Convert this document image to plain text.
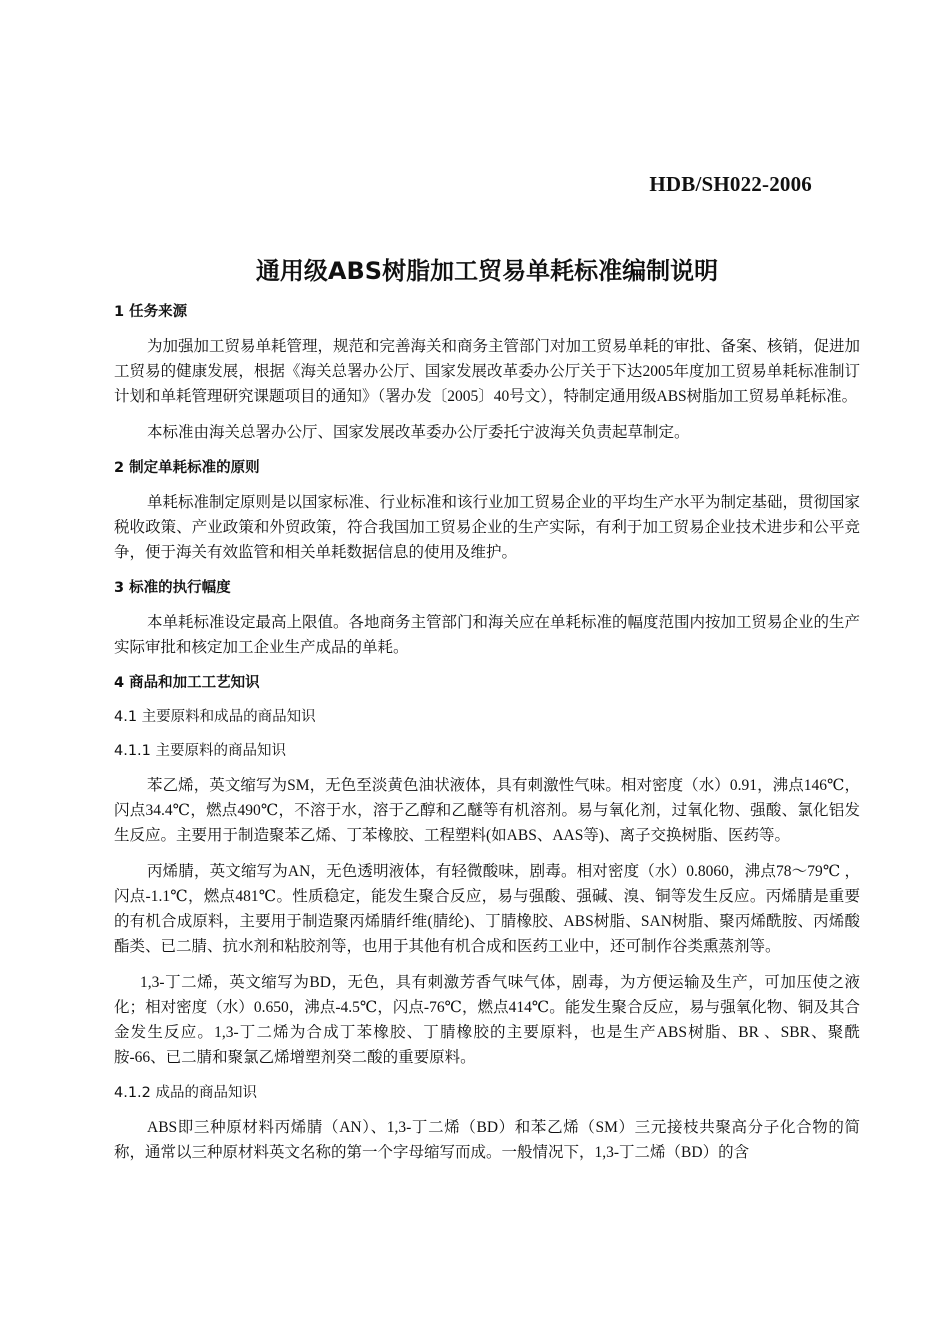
HDB/SH022-2006
通用级ABS树脂加工贸易单耗标准编制说明
1 任务来源

为加强加工贸易单耗管理，规范和完善海关和商务主管部门对加工贸易单耗的审批、备案、核销，促进加工贸易的健康发展，根据《海关总署办公厅、国家发展改革委办公厅关于下达2005年度加工贸易单耗标准制订计划和单耗管理研究课题项目的通知》（署办发〔2005〕40号文），特制定通用级ABS树脂加工贸易单耗标准。

本标准由海关总署办公厅、国家发展改革委办公厅委托宁波海关负责起草制定。

2 制定单耗标准的原则

单耗标准制定原则是以国家标准、行业标准和该行业加工贸易企业的平均生产水平为制定基础，贯彻国家税收政策、产业政策和外贸政策，符合我国加工贸易企业的生产实际，有利于加工贸易企业技术进步和公平竞争，便于海关有效监管和相关单耗数据信息的使用及维护。

3 标准的执行幅度

本单耗标准设定最高上限值。各地商务主管部门和海关应在单耗标准的幅度范围内按加工贸易企业的生产实际审批和核定加工企业生产成品的单耗。

4 商品和加工工艺知识
4.1 主要原料和成品的商品知识
4.1.1 主要原料的商品知识

苯乙烯，英文缩写为SM，无色至淡黄色油状液体，具有刺激性气味。相对密度（水）0.91，沸点146℃，闪点34.4℃，燃点490℃，不溶于水，溶于乙醇和乙醚等有机溶剂。易与氧化剂，过氧化物、强酸、氯化铝发生反应。主要用于制造聚苯乙烯、丁苯橡胶、工程塑料(如ABS、AAS等)、离子交换树脂、医药等。

丙烯腈，英文缩写为AN，无色透明液体，有轻微酸味，剧毒。相对密度（水）0.8060，沸点78～79℃ ，闪点-1.1℃，燃点481℃。性质稳定，能发生聚合反应，易与强酸、强碱、溴、铜等发生反应。丙烯腈是重要的有机合成原料，主要用于制造聚丙烯腈纤维(腈纶)、丁腈橡胶、ABS树脂、SAN树脂、聚丙烯酰胺、丙烯酸酯类、已二腈、抗水剂和粘胶剂等，也用于其他有机合成和医药工业中，还可制作谷类熏蒸剂等。

1,3-丁二烯，英文缩写为BD，无色，具有刺激芳香气味气体，剧毒，为方便运输及生产，可加压使之液化；相对密度（水）0.650，沸点-4.5℃，闪点-76℃，燃点414℃。能发生聚合反应，易与强氧化物、铜及其合金发生反应。1,3-丁二烯为合成丁苯橡胶、丁腈橡胶的主要原料，也是生产ABS树脂、BR 、SBR、聚酰胺-66、已二腈和聚氯乙烯增塑剂癸二酸的重要原料。

4.1.2 成品的商品知识

ABS即三种原材料丙烯腈（AN）、1,3-丁二烯（BD）和苯乙烯（SM）三元接枝共聚高分子化合物的简称，通常以三种原材料英文名称的第一个字母缩写而成。一般情况下，1,3-丁二烯（BD）的含
